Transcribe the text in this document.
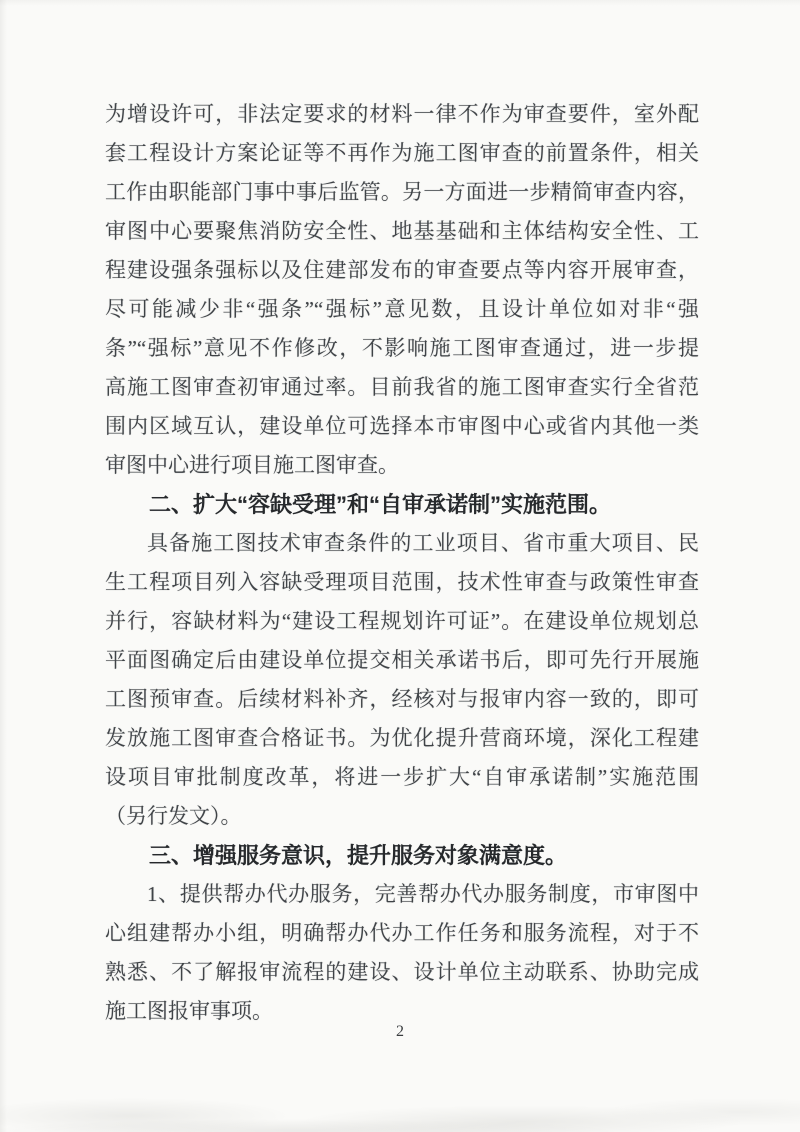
为增设许可，非法定要求的材料一律不作为审查要件，室外配
套工程设计方案论证等不再作为施工图审查的前置条件，相关
工作由职能部门事中事后监管。另一方面进一步精简审查内容，
审图中心要聚焦消防安全性、地基基础和主体结构安全性、工
程建设强条强标以及住建部发布的审查要点等内容开展审查，
尽可能减少非“强条”“强标”意见数，且设计单位如对非“强
条”“强标”意见不作修改，不影响施工图审查通过，进一步提
高施工图审查初审通过率。目前我省的施工图审查实行全省范
围内区域互认，建设单位可选择本市审图中心或省内其他一类
审图中心进行项目施工图审查。
二、扩大“容缺受理”和“自审承诺制”实施范围。
具备施工图技术审查条件的工业项目、省市重大项目、民
生工程项目列入容缺受理项目范围，技术性审查与政策性审查
并行，容缺材料为“建设工程规划许可证”。在建设单位规划总
平面图确定后由建设单位提交相关承诺书后，即可先行开展施
工图预审查。后续材料补齐，经核对与报审内容一致的，即可
发放施工图审查合格证书。为优化提升营商环境，深化工程建
设项目审批制度改革，将进一步扩大“自审承诺制”实施范围
（另行发文）。
三、增强服务意识，提升服务对象满意度。
1、提供帮办代办服务，完善帮办代办服务制度，市审图中
心组建帮办小组，明确帮办代办工作任务和服务流程，对于不
熟悉、不了解报审流程的建设、设计单位主动联系、协助完成
施工图报审事项。
2
